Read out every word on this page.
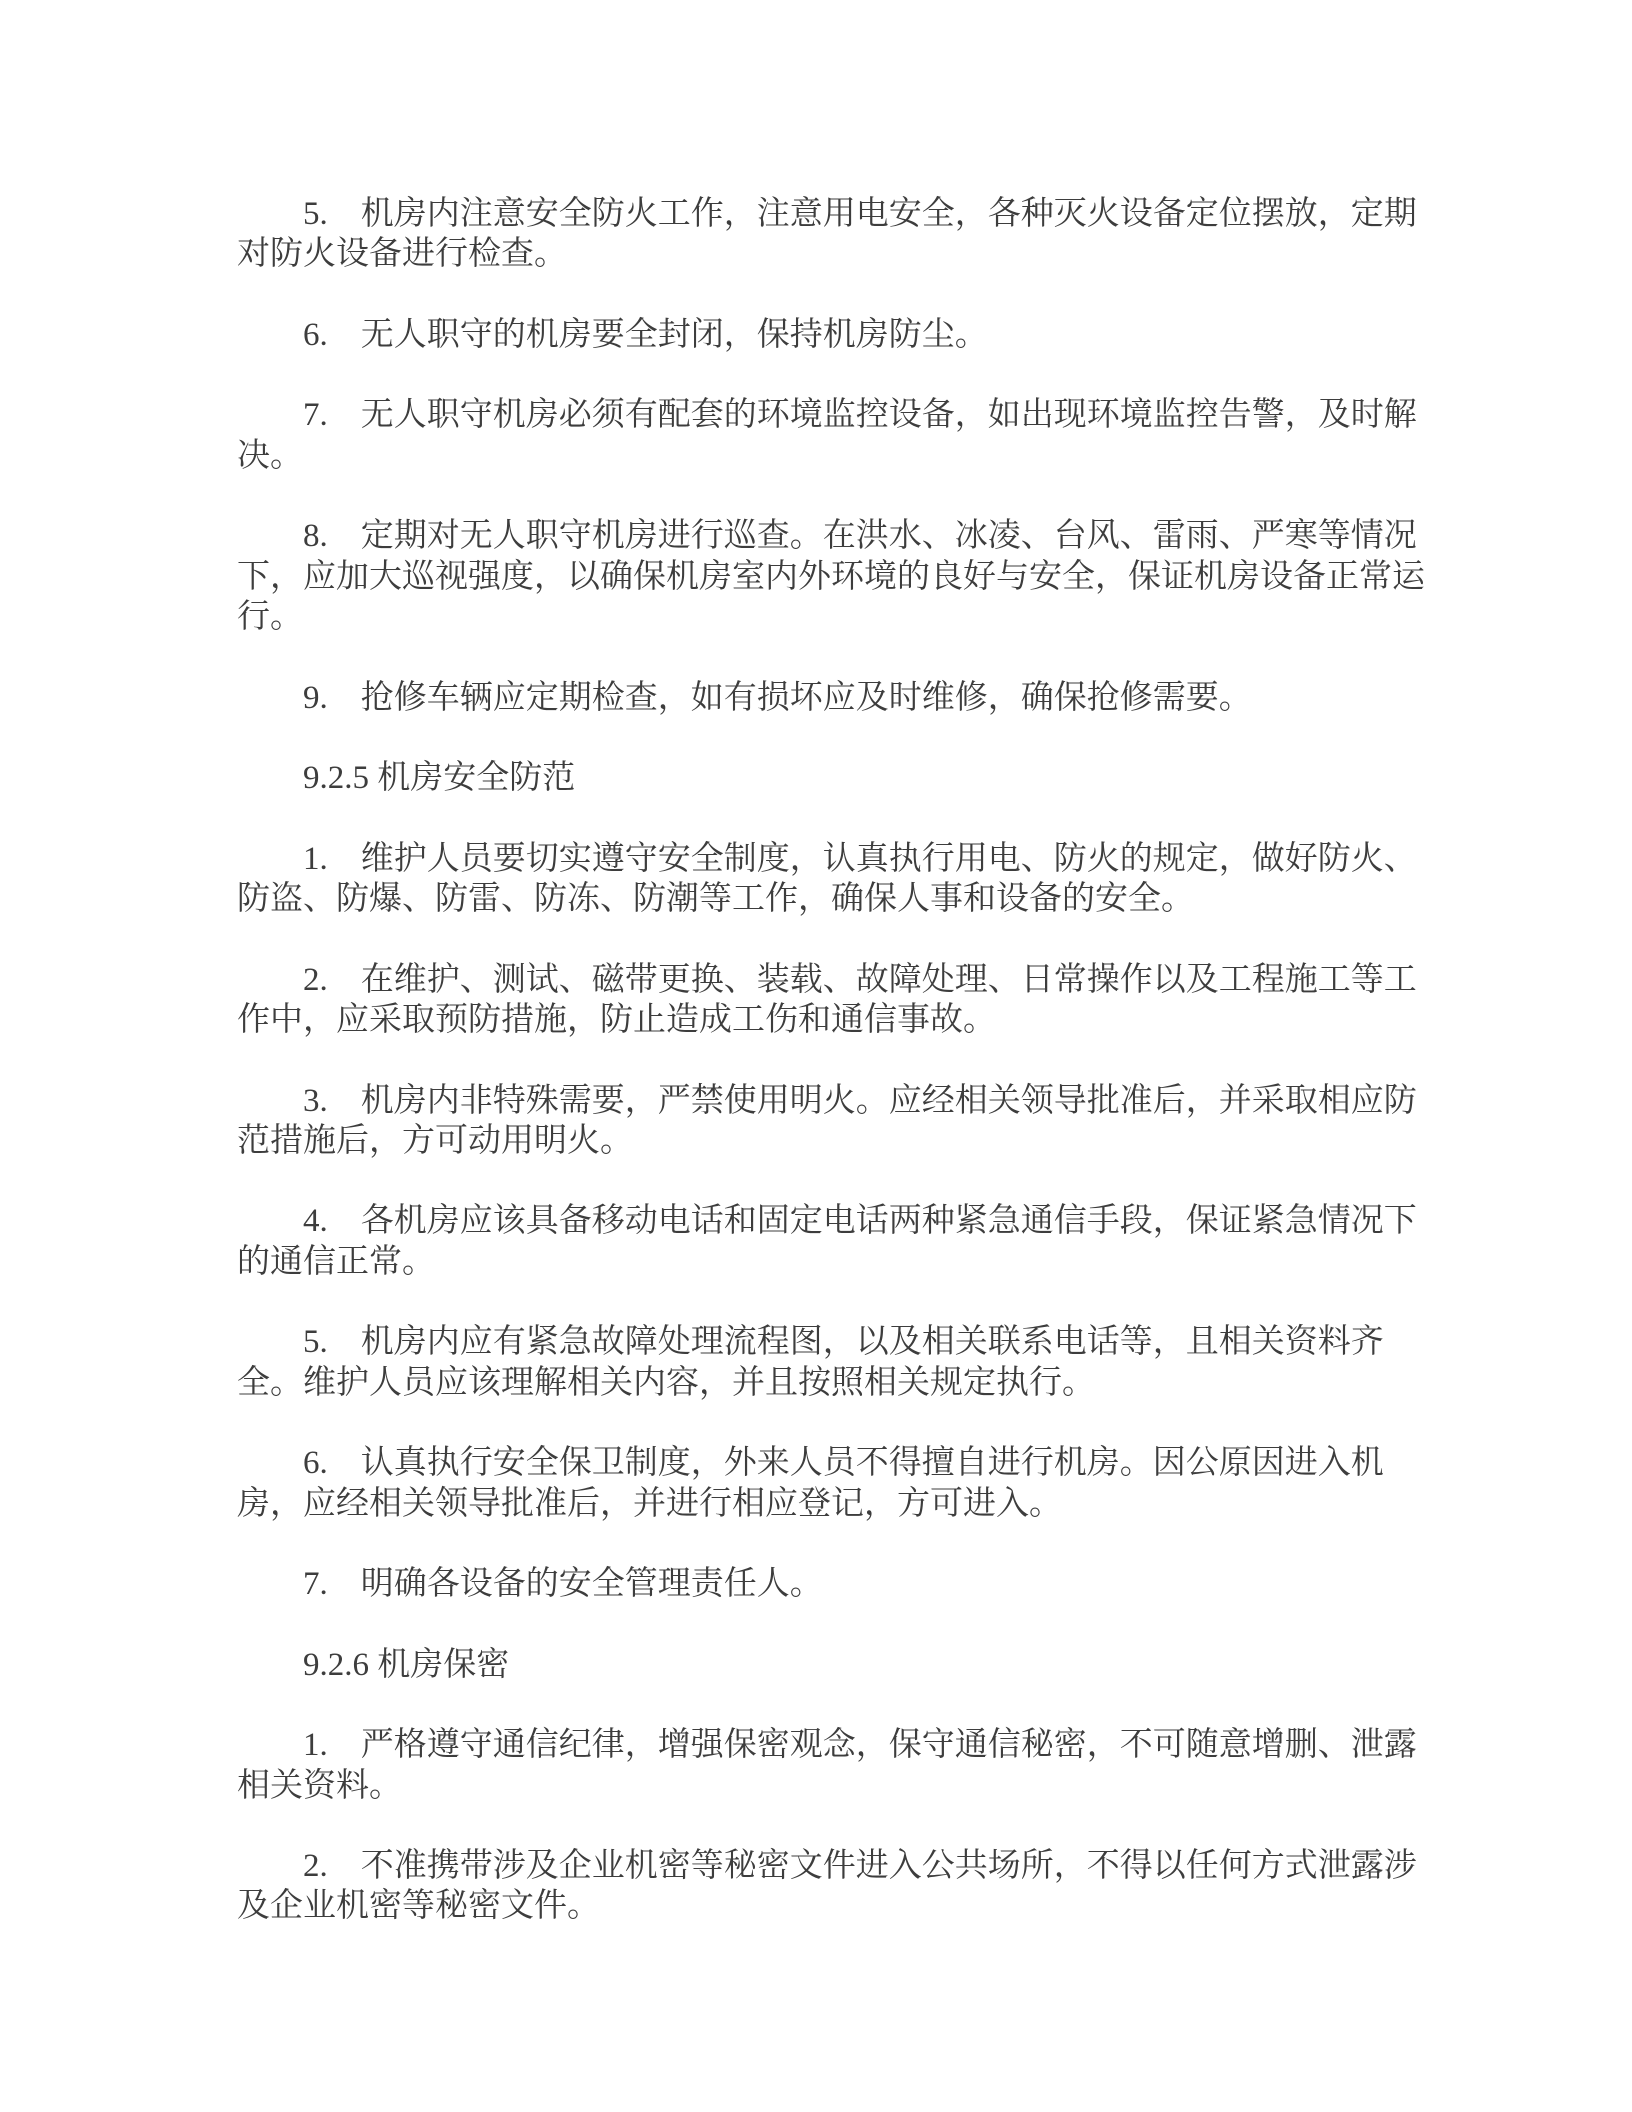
5.　机房内注意安全防火工作，注意用电安全，各种灭火设备定位摆放，定期对防火设备进行检查。

6.　无人职守的机房要全封闭，保持机房防尘。

7.　无人职守机房必须有配套的环境监控设备，如出现环境监控告警，及时解决。

8.　定期对无人职守机房进行巡查。在洪水、冰凌、台风、雷雨、严寒等情况下，应加大巡视强度，以确保机房室内外环境的良好与安全，保证机房设备正常运行。

9.　抢修车辆应定期检查，如有损坏应及时维修，确保抢修需要。

9.2.5 机房安全防范

1.　维护人员要切实遵守安全制度，认真执行用电、防火的规定，做好防火、防盗、防爆、防雷、防冻、防潮等工作，确保人事和设备的安全。

2.　在维护、测试、磁带更换、装载、故障处理、日常操作以及工程施工等工作中，应采取预防措施，防止造成工伤和通信事故。

3.　机房内非特殊需要，严禁使用明火。应经相关领导批准后，并采取相应防范措施后，方可动用明火。

4.　各机房应该具备移动电话和固定电话两种紧急通信手段，保证紧急情况下的通信正常。

5.　机房内应有紧急故障处理流程图，以及相关联系电话等，且相关资料齐全。维护人员应该理解相关内容，并且按照相关规定执行。

6.　认真执行安全保卫制度，外来人员不得擅自进行机房。因公原因进入机房，应经相关领导批准后，并进行相应登记，方可进入。

7.　明确各设备的安全管理责任人。

9.2.6 机房保密

1.　严格遵守通信纪律，增强保密观念，保守通信秘密，不可随意增删、泄露相关资料。

2.　不准携带涉及企业机密等秘密文件进入公共场所，不得以任何方式泄露涉及企业机密等秘密文件。
